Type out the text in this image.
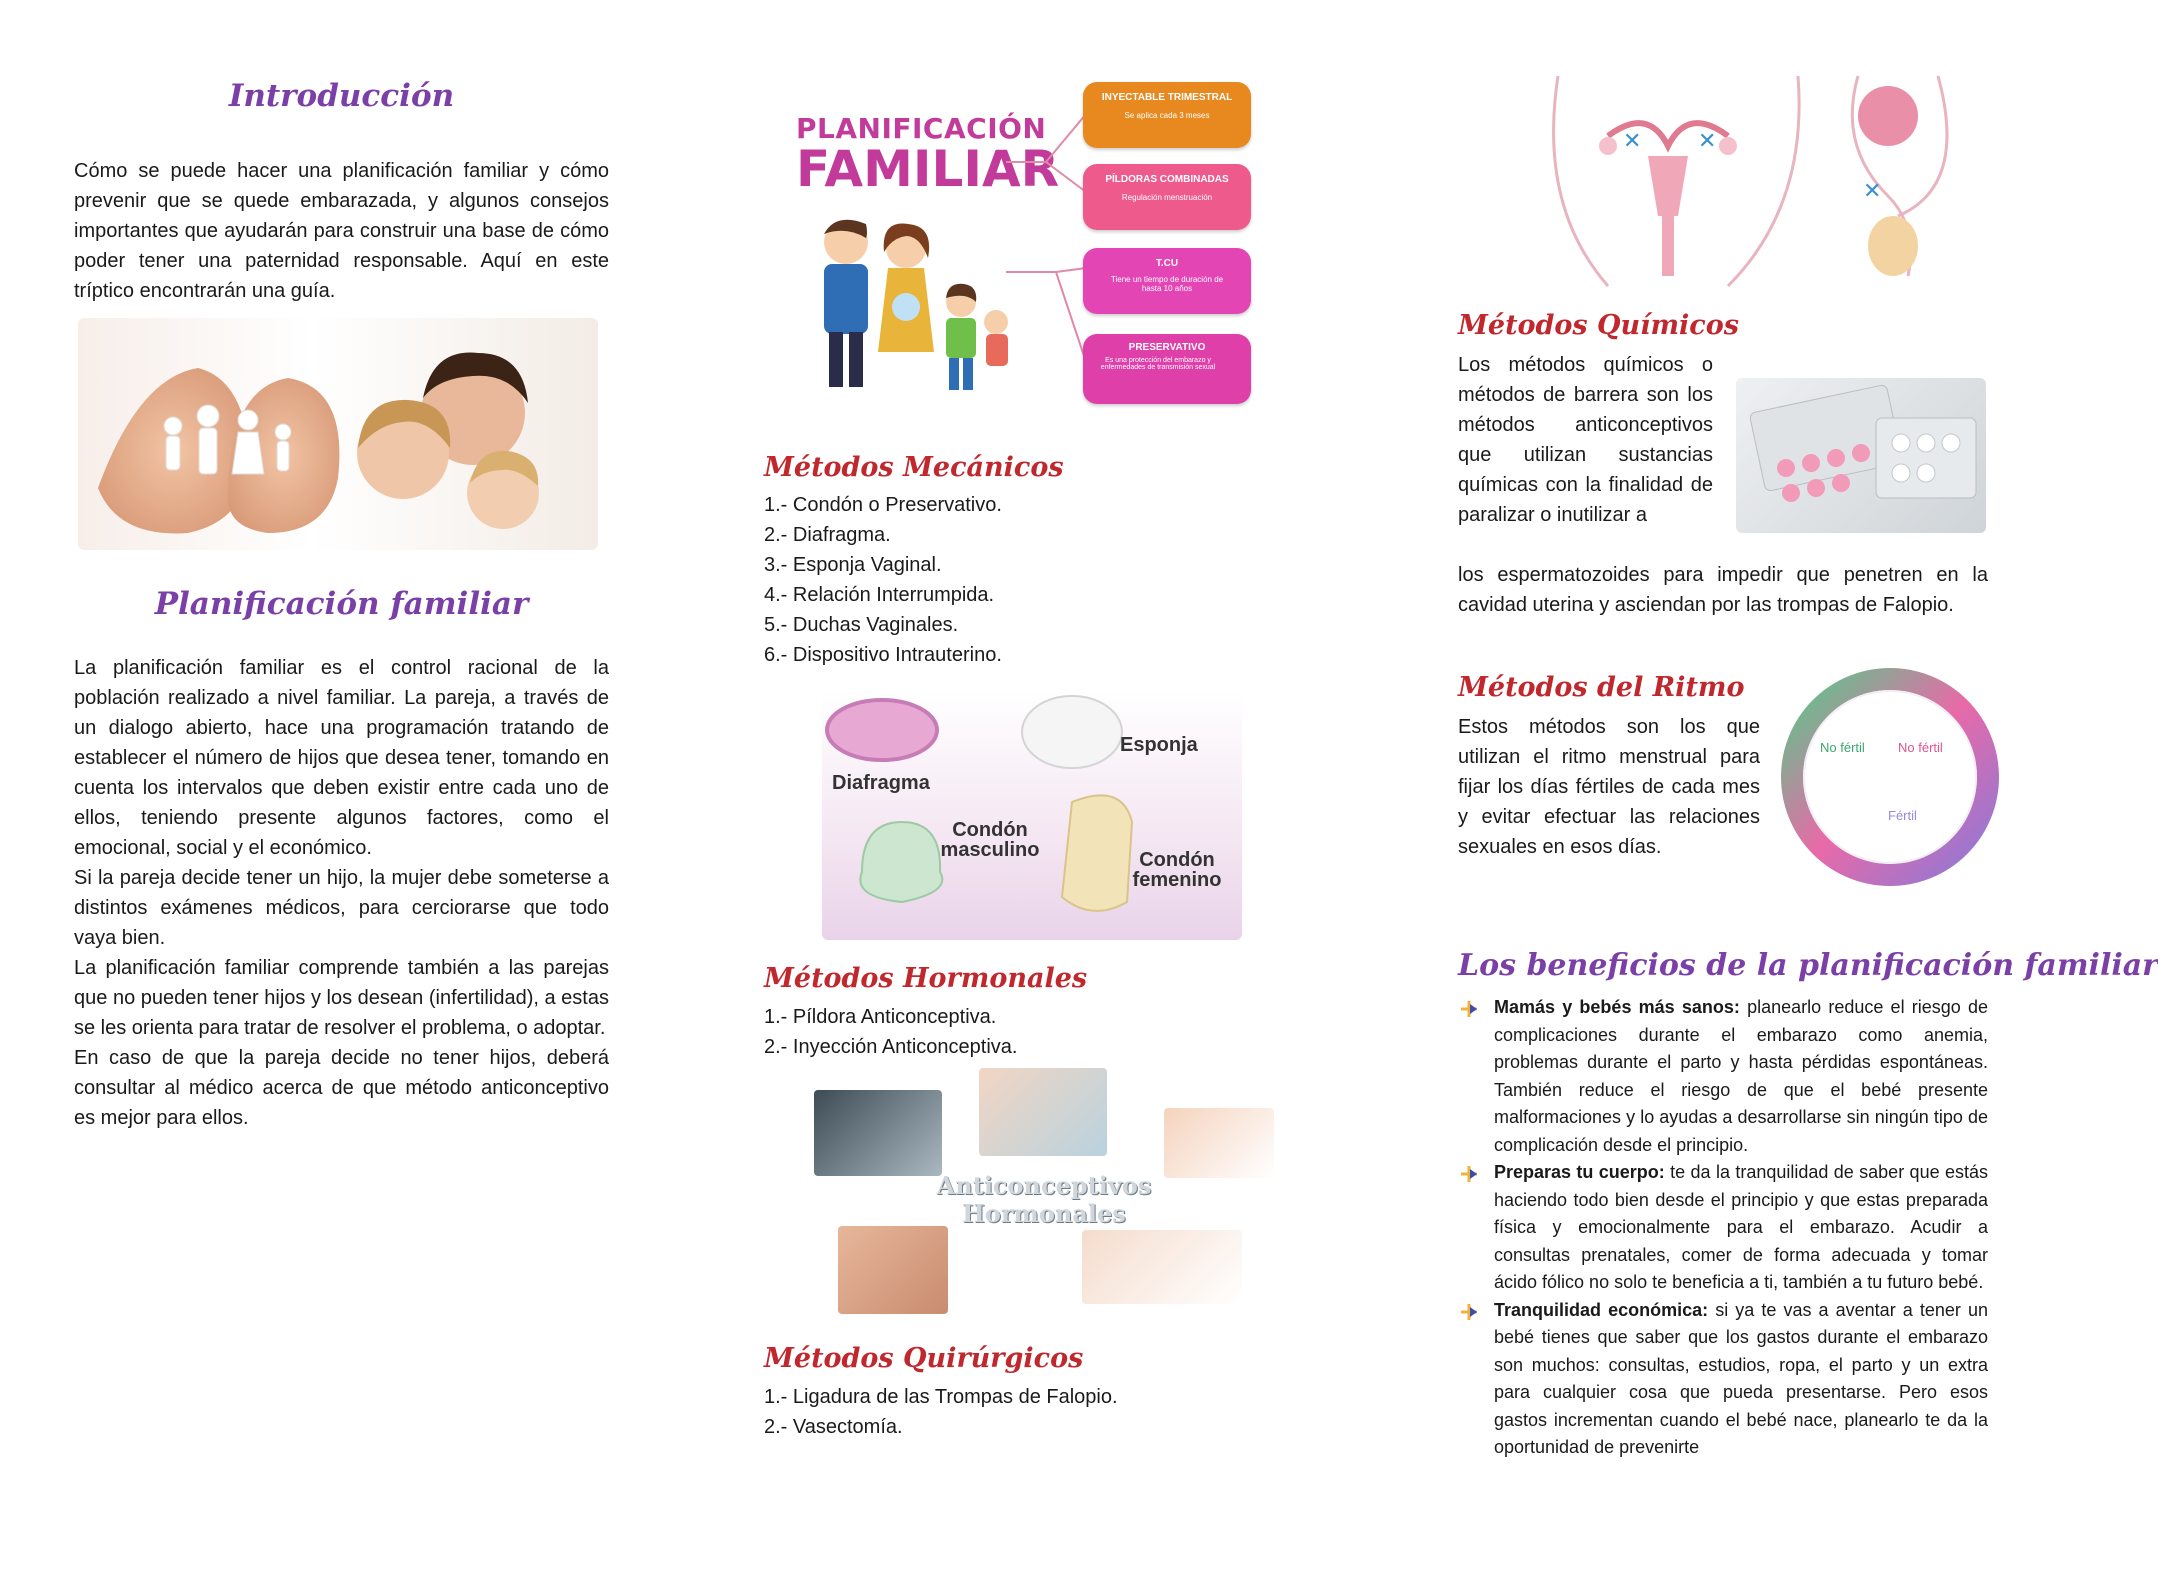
Introducción

Cómo se puede hacer una planificación familiar y cómo prevenir que se quede embarazada, y algunos consejos importantes que ayudarán para construir una base de cómo poder tener una paternidad responsable. Aquí en este tríptico encontrarán una guía.

Planificación familiar

La planificación familiar es el control racional de la población realizado a nivel familiar. La pareja, a través de un dialogo abierto, hace una programación tratando de establecer el número de hijos que desea tener, tomando en cuenta los intervalos que deben existir entre cada uno de ellos, teniendo presente algunos factores, como el emocional, social y el económico.

Si la pareja decide tener un hijo, la mujer debe someterse a distintos exámenes médicos, para cerciorarse que todo vaya bien.

La planificación familiar comprende también a las parejas que no pueden tener hijos y los desean (infertilidad), a estas se les orienta para tratar de resolver el problema, o adoptar.

En caso de que la pareja decide no tener hijos, deberá consultar al médico acerca de que método anticonceptivo es mejor para ellos.

PLANIFICACIÓN
FAMILIAR
INYECTABLE TRIMESTRAL
Se aplica cada 3 meses
PÍLDORAS COMBINADAS
Regulación menstruación
T.CU
Tiene un tiempo de duración de hasta 10 años
PRESERVATIVO
Es una protección del embarazo y enfermedades de transmisión sexual
Métodos Mecánicos
1.- Condón o Preservativo.
2.- Diafragma.
3.- Esponja Vaginal.
4.- Relación Interrumpida.
5.- Duchas Vaginales.
6.- Dispositivo Intrauterino.
Diafragma
Esponja
Condón masculino	Condón femenino
Métodos Hormonales
1.- Píldora Anticonceptiva.
2.- Inyección Anticonceptiva.
Anticonceptivos
Hormonales
Métodos Quirúrgicos
1.- Ligadura de las Trompas de Falopio.
2.- Vasectomía.
✕	✕
✕
Métodos Químicos

Los métodos químicos o métodos de barrera son los métodos anticonceptivos que utilizan sustancias químicas con la finalidad de paralizar o inutilizar a

los espermatozoides para impedir que penetren en la cavidad uterina y asciendan por las trompas de Falopio.

Métodos del Ritmo

Estos métodos son los que utilizan el ritmo menstrual para fijar los días fértiles de cada mes y evitar efectuar las relaciones sexuales en esos días.

No fértil	No fértil
Fértil
Los beneficios de la planificación familiar
Mamás y bebés más sanos: planearlo reduce el riesgo de complicaciones durante el embarazo como anemia, problemas durante el parto y hasta pérdidas espontáneas. También reduce el riesgo de que el bebé presente malformaciones y lo ayudas a desarrollarse sin ningún tipo de complicación desde el principio.
Preparas tu cuerpo: te da la tranquilidad de saber que estás haciendo todo bien desde el principio y que estas preparada física y emocionalmente para el embarazo. Acudir a consultas prenatales, comer de forma adecuada y tomar ácido fólico no solo te beneficia a ti, también a tu futuro bebé.
Tranquilidad económica: si ya te vas a aventar a tener un bebé tienes que saber que los gastos durante el embarazo son muchos: consultas, estudios, ropa, el parto y un extra para cualquier cosa que pueda presentarse. Pero esos gastos incrementan cuando el bebé nace, planearlo te da la oportunidad de prevenirte
